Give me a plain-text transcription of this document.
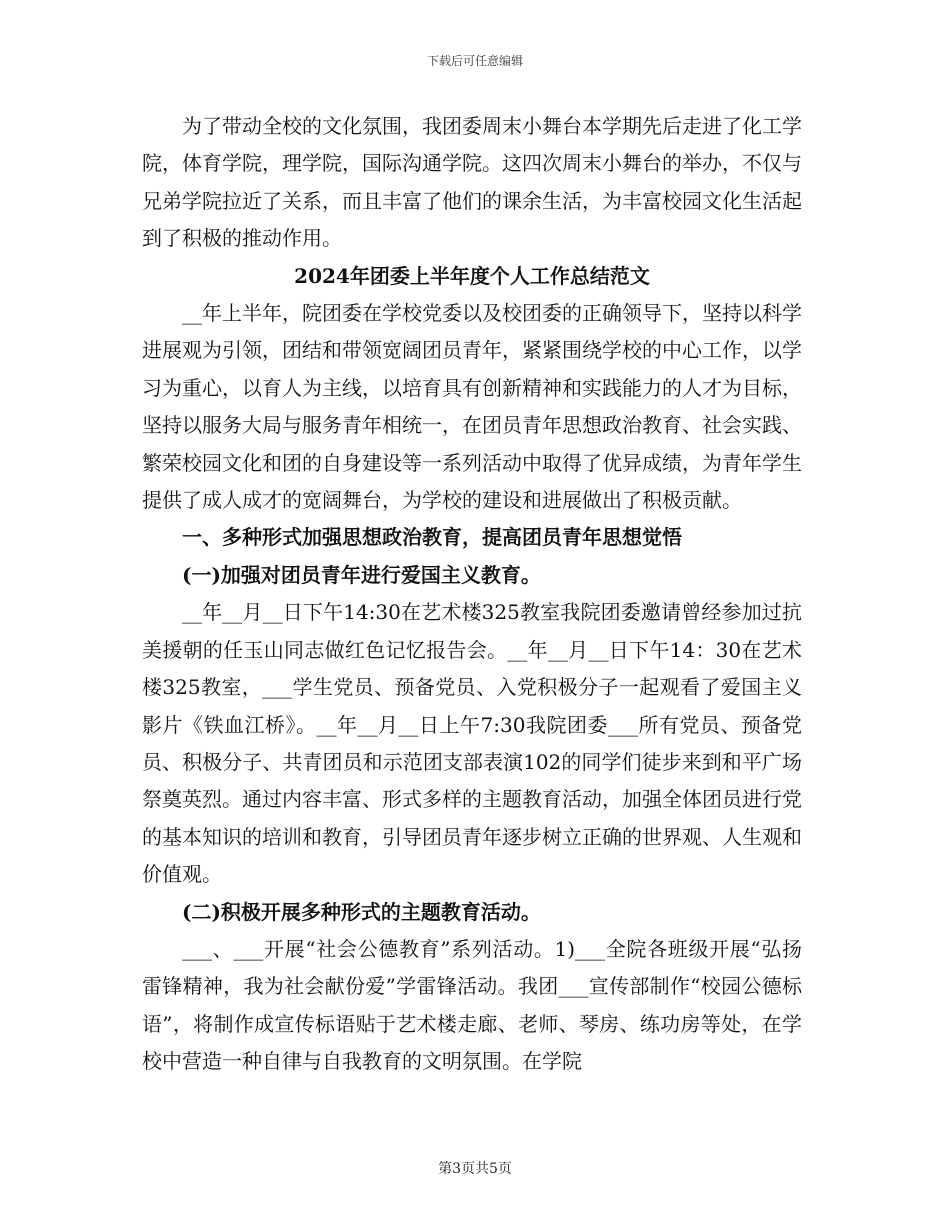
下载后可任意编辑

为了带动全校的文化氛围，我团委周末小舞台本学期先后走进了化工学院，体育学院，理学院，国际沟通学院。这四次周末小舞台的举办，不仅与兄弟学院拉近了关系，而且丰富了他们的课余生活，为丰富校园文化生活起到了积极的推动作用。

2024年团委上半年度个人工作总结范文

__年上半年，院团委在学校党委以及校团委的正确领导下，坚持以科学进展观为引领，团结和带领宽阔团员青年，紧紧围绕学校的中心工作，以学习为重心，以育人为主线，以培育具有创新精神和实践能力的人才为目标，坚持以服务大局与服务青年相统一，在团员青年思想政治教育、社会实践、繁荣校园文化和团的自身建设等一系列活动中取得了优异成绩，为青年学生提供了成人成才的宽阔舞台，为学校的建设和进展做出了积极贡献。

一、多种形式加强思想政治教育，提高团员青年思想觉悟

(一)加强对团员青年进行爱国主义教育。

__年__月__日下午14:30在艺术楼325教室我院团委邀请曾经参加过抗美援朝的任玉山同志做红色记忆报告会。__年__月__日下午14：30在艺术楼325教室，___学生党员、预备党员、入党积极分子一起观看了爱国主义影片《铁血江桥》。__年__月__日上午7:30我院团委___所有党员、预备党员、积极分子、共青团员和示范团支部表演102的同学们徒步来到和平广场祭奠英烈。通过内容丰富、形式多样的主题教育活动，加强全体团员进行党的基本知识的培训和教育，引导团员青年逐步树立正确的世界观、人生观和价值观。

(二)积极开展多种形式的主题教育活动。

___、___开展“社会公德教育”系列活动。1)___全院各班级开展“弘扬雷锋精神，我为社会献份爱”学雷锋活动。我团___宣传部制作“校园公德标语”，将制作成宣传标语贴于艺术楼走廊、老师、琴房、练功房等处，在学校中营造一种自律与自我教育的文明氛围。在学院

第3页共5页
